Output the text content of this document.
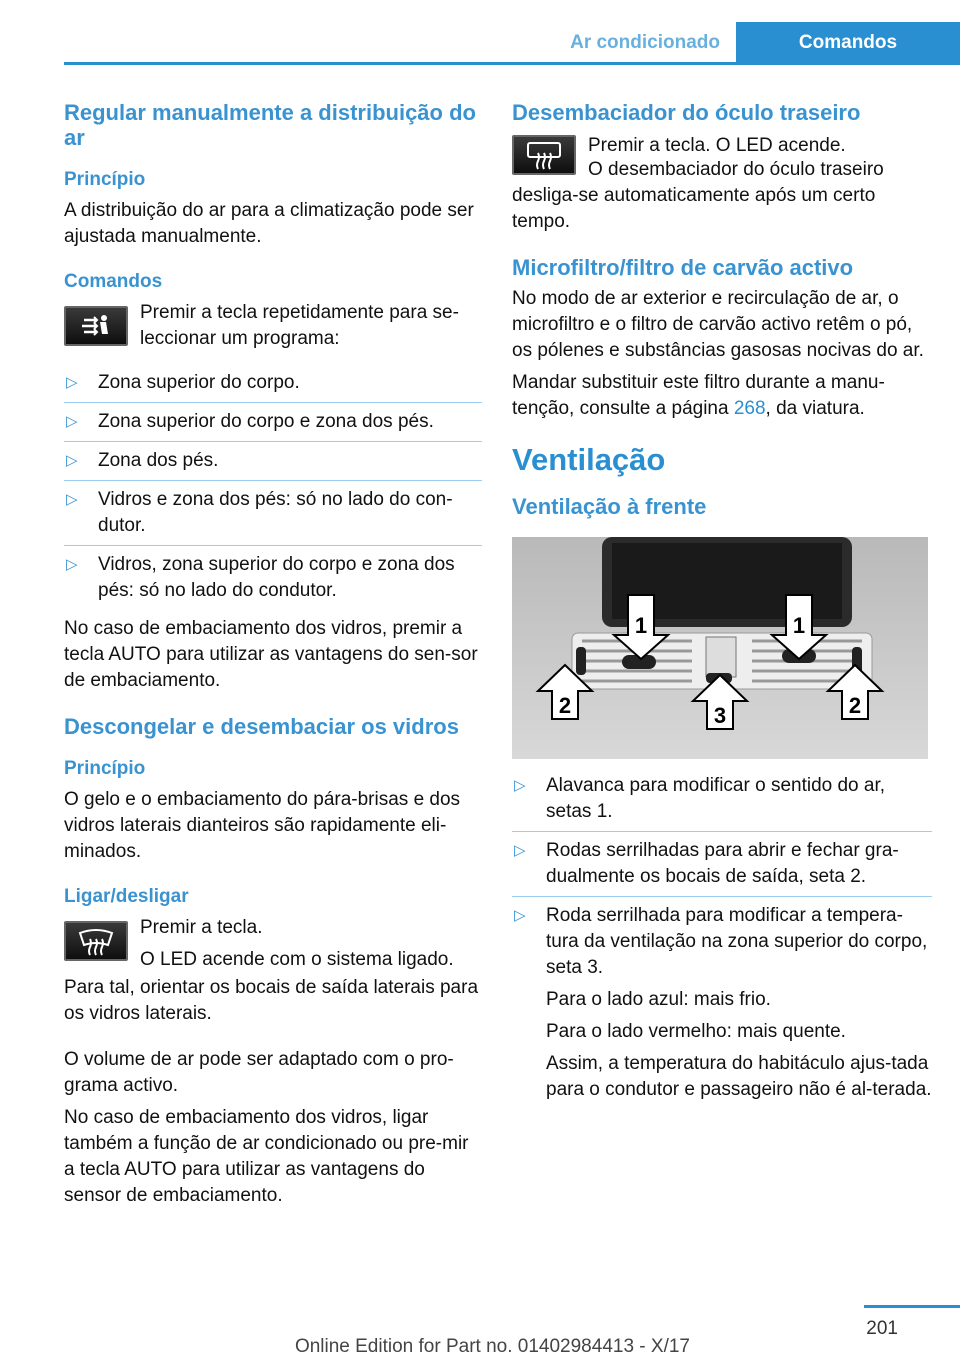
Ar condicionado	Comandos
Regular manualmente a distribuição do ar
Princípio

A distribuição do ar para a climatização pode ser ajustada manualmente.

Comandos

Premir a tecla repetidamente para se‐leccionar um programa:

▷ Zona superior do corpo.
▷ Zona superior do corpo e zona dos pés.
▷ Zona dos pés.
▷ Vidros e zona dos pés: só no lado do con‐dutor.
▷ Vidros, zona superior do corpo e zona dos pés: só no lado do condutor.

No caso de embaciamento dos vidros, premir a tecla AUTO para utilizar as vantagens do sen‐sor de embaciamento.

Descongelar e desembaciar os vidros
Princípio

O gelo e o embaciamento do pára-brisas e dos vidros laterais dianteiros são rapidamente eli‐minados.

Ligar/desligar

Premir a tecla.

O LED acende com o sistema ligado.

Para tal, orientar os bocais de saída laterais para os vidros laterais.

O volume de ar pode ser adaptado com o pro‐grama activo.

No caso de embaciamento dos vidros, ligar também a função de ar condicionado ou pre‐mir a tecla AUTO para utilizar as vantagens do sensor de embaciamento.

Desembaciador do óculo traseiro

Premir a tecla. O LED acende.

O desembaciador do óculo traseiro desliga-se automaticamente após um certo tempo.

Microfiltro/filtro de carvão activo

No modo de ar exterior e recirculação de ar, o microfiltro e o filtro de carvão activo retêm o pó, os pólenes e substâncias gasosas nocivas do ar.

Mandar substituir este filtro durante a manu‐tenção, consulte a página 268, da viatura.

Ventilação
Ventilação à frente
1	1
2	3	2
▷ Alavanca para modificar o sentido do ar, setas 1.
▷ Rodas serrilhadas para abrir e fechar gra‐dualmente os bocais de saída, seta 2.
▷ Roda serrilhada para modificar a tempera‐tura da ventilação na zona superior do corpo, seta 3.
Para o lado azul: mais frio.
Para o lado vermelho: mais quente.
Assim, a temperatura do habitáculo ajus‐tada para o condutor e passageiro não é al‐terada.
201
Online Edition for Part no. 01402984413 - X/17
